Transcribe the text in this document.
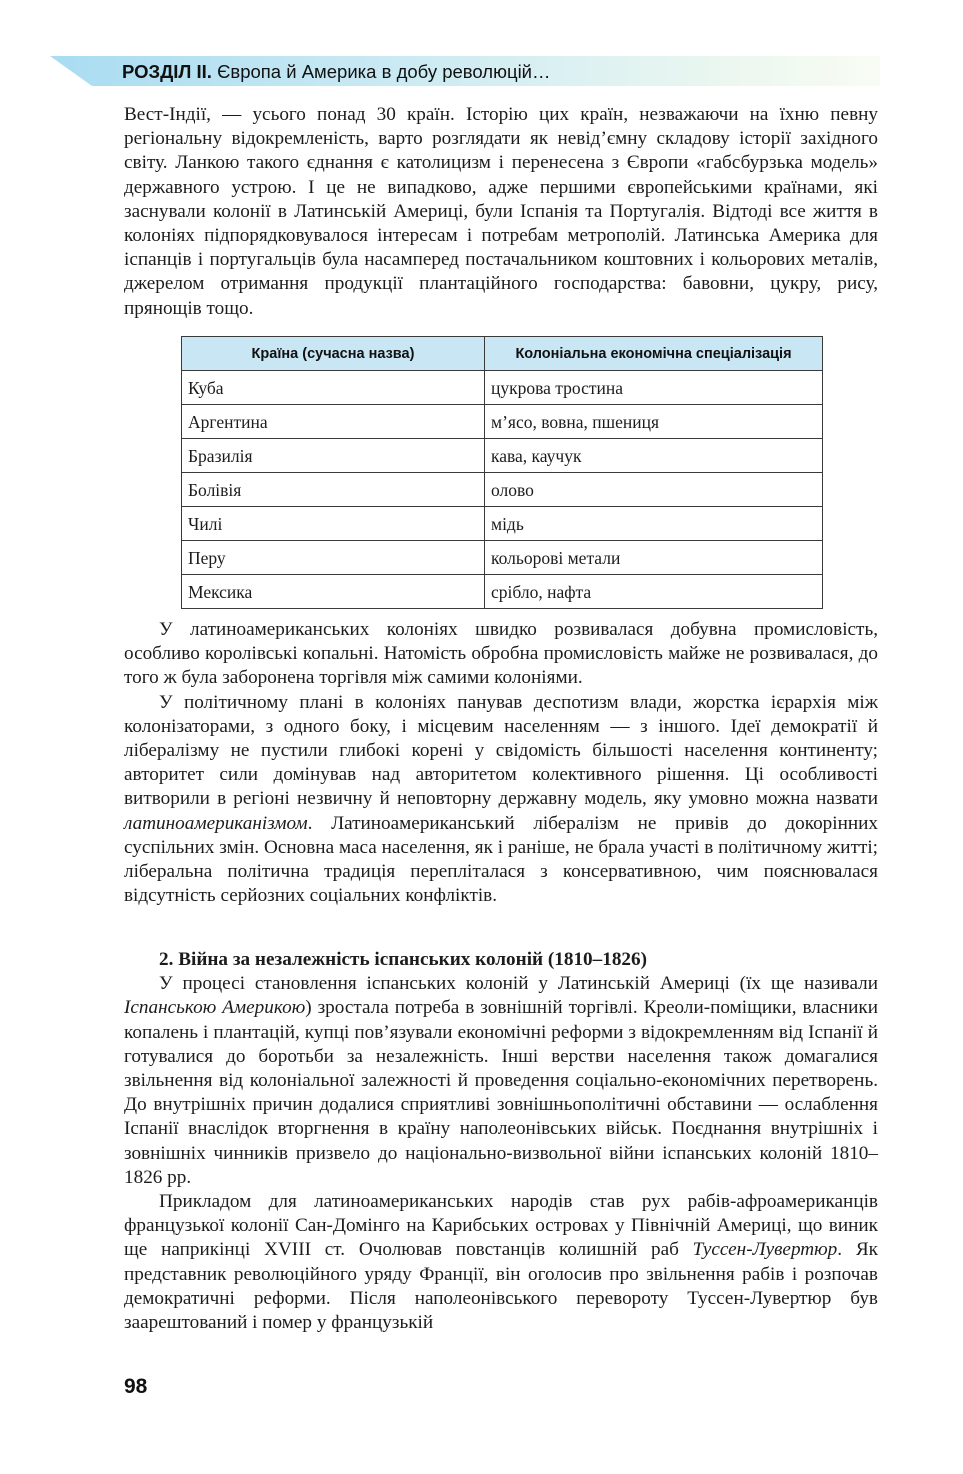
РОЗДІЛ II. Європа й Америка в добу революцій…

Вест-Індії, — усього понад 30 країн. Історію цих країн, незважаючи на їхню певну регіональну відокремленість, варто розглядати як невід’ємну складову історії західного світу. Ланкою такого єднання є католицизм і перенесена з Європи «габсбурзька модель» державного устрою. І це не випадково, адже першими європейськими країнами, які заснували колонії в Латинській Америці, були Іспанія та Португалія. Відтоді все життя в колоніях підпорядковувалося інтересам і потребам метрополій. Латинська Америка для іспанців і португальців була насамперед постачальником коштовних і кольорових металів, джерелом отримання продукції плантаційного господарства: бавовни, цукру, рису, прянощів тощо.

Країна (сучасна назва)	Колоніальна економічна спеціалізація
Куба	цукрова тростина
Аргентина	м’ясо, вовна, пшениця
Бразилія	кава, каучук
Болівія	олово
Чилі	мідь
Перу	кольорові метали
Мексика	срібло, нафта

У латиноамериканських колоніях швидко розвивалася добувна промисловість, особливо королівські копальні. Натомість обробна промисловість майже не розвивалася, до того ж була заборонена торгівля між самими колоніями.

У політичному плані в колоніях панував деспотизм влади, жорстка ієрархія між колонізаторами, з одного боку, і місцевим населенням — з іншого. Ідеї демократії й лібералізму не пустили глибокі корені у свідомість більшості населення континенту; авторитет сили домінував над авторитетом колективного рішення. Ці особливості витворили в регіоні незвичну й неповторну державну модель, яку умовно можна назвати латиноамериканізмом. Латиноамериканський лібералізм не привів до докорінних суспільних змін. Основна маса населення, як і раніше, не брала участі в політичному житті; ліберальна політична традиція перепліталася з консервативною, чим пояснювалася відсутність серйозних соціальних конфліктів.

2. Війна за незалежність іспанських колоній (1810–1826)

У процесі становлення іспанських колоній у Латинській Америці (їх ще називали Іспанською Америкою) зростала потреба в зовнішній торгівлі. Креоли-поміщики, власники копалень і плантацій, купці пов’язували економічні реформи з відокремленням від Іспанії й готувалися до боротьби за незалежність. Інші верстви населення також домагалися звільнення від колоніальної залежності й проведення соціально-економічних перетворень. До внутрішніх причин додалися сприятливі зовнішньополітичні обставини — ослаблення Іспанії внаслідок вторгнення в країну наполеонівських військ. Поєднання внутрішніх і зовнішніх чинників призвело до національно-визвольної війни іспанських колоній 1810–1826 рр.

Прикладом для латиноамериканських народів став рух рабів-афроамериканців французької колонії Сан-Домінго на Карибських островах у Північній Америці, що виник ще наприкінці XVIII ст. Очолював повстанців колишній раб Туссен-Лувертюр. Як представник революційного уряду Франції, він оголосив про звільнення рабів і розпочав демократичні реформи. Після наполеонівського перевороту Туссен-Лувертюр був заарештований і помер у французькій

98
